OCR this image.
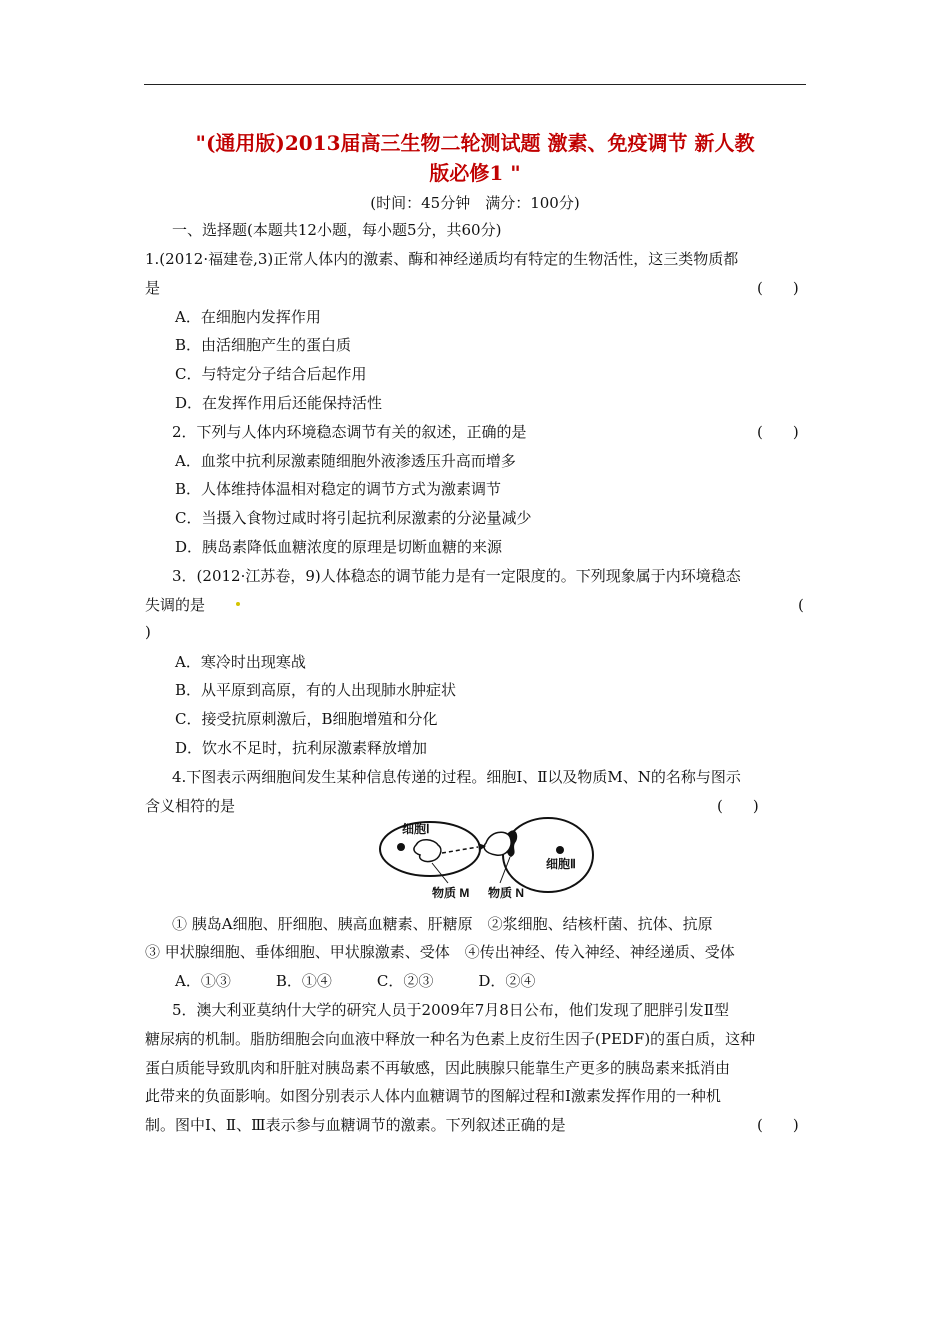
"(通用版)2013届高三生物二轮测试题 激素、免疫调节 新人教
版必修1 "
(时间：45分钟　满分：100分)
一、选择题(本题共12小题，每小题5分，共60分)
1.(2012·福建卷,3)正常人体内的激素、酶和神经递质均有特定的生物活性，这三类物质都
是	(　　)
A．在细胞内发挥作用
B．由活细胞产生的蛋白质
C．与特定分子结合后起作用
D．在发挥作用后还能保持活性
2．下列与人体内环境稳态调节有关的叙述，正确的是	(　　)
A．血浆中抗利尿激素随细胞外液渗透压升高而增多
B．人体维持体温相对稳定的调节方式为激素调节
C．当摄入食物过咸时将引起抗利尿激素的分泌量减少
D．胰岛素降低血糖浓度的原理是切断血糖的来源
3．(2012·江苏卷，9)人体稳态的调节能力是有一定限度的。下列现象属于内环境稳态
失调的是	(
)
A．寒冷时出现寒战
B．从平原到高原，有的人出现肺水肿症状
C．接受抗原刺激后，B细胞增殖和分化
D．饮水不足时，抗利尿激素释放增加
4.下图表示两细胞间发生某种信息传递的过程。细胞Ⅰ、Ⅱ以及物质M、N的名称与图示
含义相符的是	(　　)
细胞Ⅰ
细胞Ⅱ
物质 M 物质 N
① 胰岛A细胞、肝细胞、胰高血糖素、肝糖原　②浆细胞、结核杆菌、抗体、抗原
③ 甲状腺细胞、垂体细胞、甲状腺激素、受体　④传出神经、传入神经、神经递质、受体
A．①③　　　B．①④　　　C．②③　　　D．②④
5．澳大利亚莫纳什大学的研究人员于2009年7月8日公布，他们发现了肥胖引发Ⅱ型
糖尿病的机制。脂肪细胞会向血液中释放一种名为色素上皮衍生因子(PEDF)的蛋白质，这种
蛋白质能导致肌肉和肝脏对胰岛素不再敏感，因此胰腺只能靠生产更多的胰岛素来抵消由
此带来的负面影响。如图分别表示人体内血糖调节的图解过程和Ⅰ激素发挥作用的一种机
制。图中Ⅰ、Ⅱ、Ⅲ表示参与血糖调节的激素。下列叙述正确的是	(　　)
